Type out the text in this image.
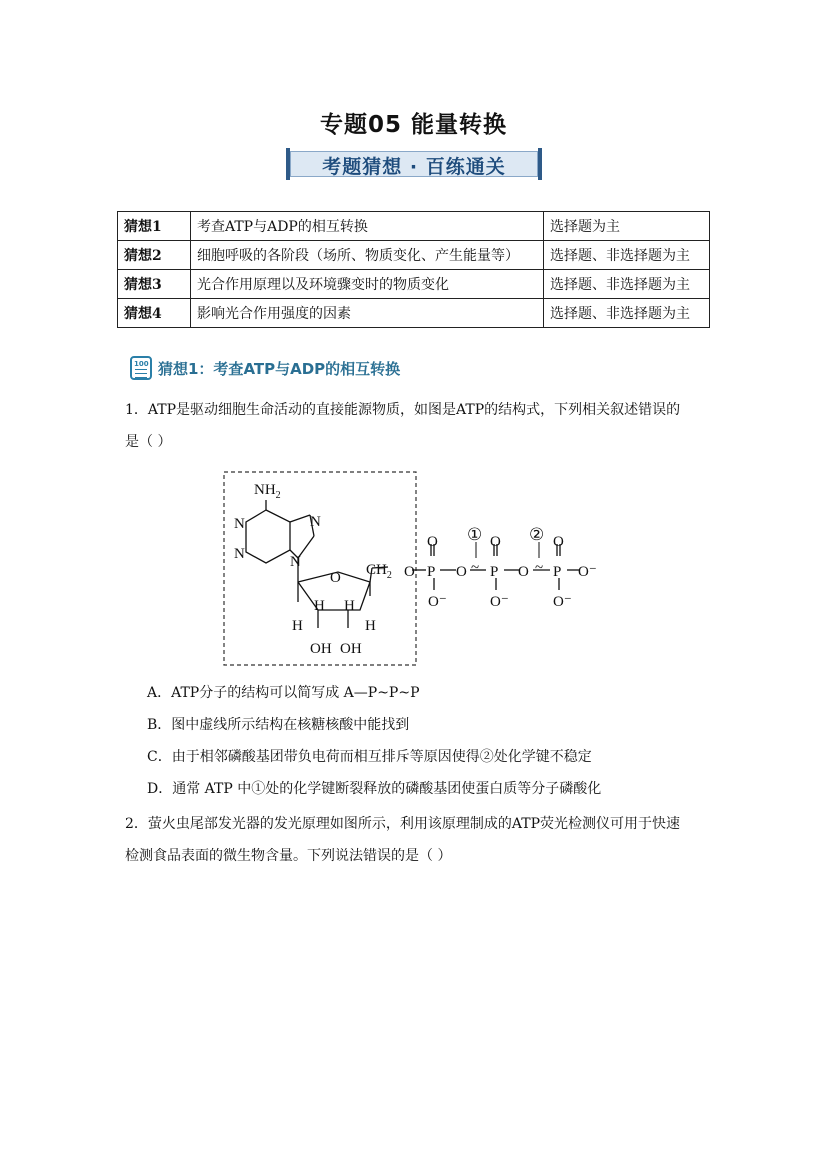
专题05 能量转换
考题猜想 · 百练通关
猜想1	考查ATP与ADP的相互转换	选择题为主
猜想2	细胞呼吸的各阶段（场所、物质变化、产生能量等）	选择题、非选择题为主
猜想3	光合作用原理以及环境骤变时的物质变化	选择题、非选择题为主
猜想4	影响光合作用强度的因素	选择题、非选择题为主
100 猜想1：考查ATP与ADP的相互转换
1．ATP是驱动细胞生命活动的直接能源物质，如图是ATP的结构式，下列相关叙述错误的
是（ ）
$NH_2$
N
N
N
N
O
H H
H	H
OH OH
$CH_2$ O P
O
O⁻
O ~ P
O
O⁻
O ~ P
O
O⁻
O⁻
①	②
A．ATP分子的结构可以简写成 A—P~P~P
B．图中虚线所示结构在核糖核酸中能找到
C．由于相邻磷酸基团带负电荷而相互排斥等原因使得②处化学键不稳定
D．通常 ATP 中①处的化学键断裂释放的磷酸基团使蛋白质等分子磷酸化
2．萤火虫尾部发光器的发光原理如图所示，利用该原理制成的ATP荧光检测仪可用于快速
检测食品表面的微生物含量。下列说法错误的是（ ）
